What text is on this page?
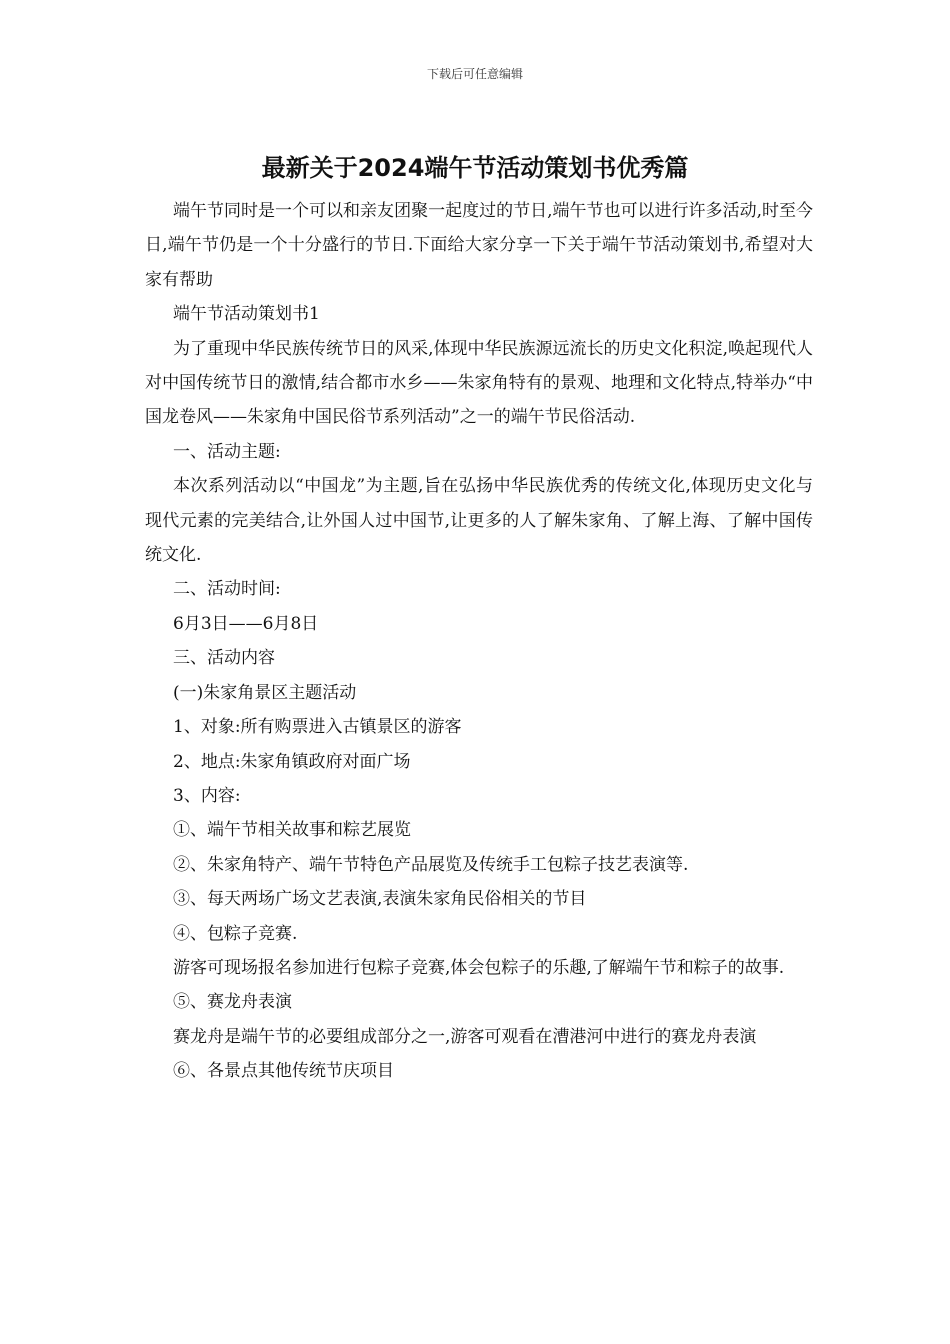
下载后可任意编辑
最新关于2024端午节活动策划书优秀篇

端午节同时是一个可以和亲友团聚一起度过的节日,端午节也可以进行许多活动,时至今日,端午节仍是一个十分盛行的节日.下面给大家分享一下关于端午节活动策划书,希望对大家有帮助

端午节活动策划书1

为了重现中华民族传统节日的风采,体现中华民族源远流长的历史文化积淀,唤起现代人对中国传统节日的激情,结合都市水乡——朱家角特有的景观、地理和文化特点,特举办“中国龙卷风——朱家角中国民俗节系列活动”之一的端午节民俗活动.

一、活动主题:

本次系列活动以“中国龙”为主题,旨在弘扬中华民族优秀的传统文化,体现历史文化与现代元素的完美结合,让外国人过中国节,让更多的人了解朱家角、了解上海、了解中国传统文化.

二、活动时间:

6月3日——6月8日

三、活动内容

(一)朱家角景区主题活动

1、对象:所有购票进入古镇景区的游客

2、地点:朱家角镇政府对面广场

3、内容:

①、端午节相关故事和粽艺展览

②、朱家角特产、端午节特色产品展览及传统手工包粽子技艺表演等.

③、每天两场广场文艺表演,表演朱家角民俗相关的节目

④、包粽子竞赛.

游客可现场报名参加进行包粽子竞赛,体会包粽子的乐趣,了解端午节和粽子的故事.

⑤、赛龙舟表演

赛龙舟是端午节的必要组成部分之一,游客可观看在漕港河中进行的赛龙舟表演

⑥、各景点其他传统节庆项目
